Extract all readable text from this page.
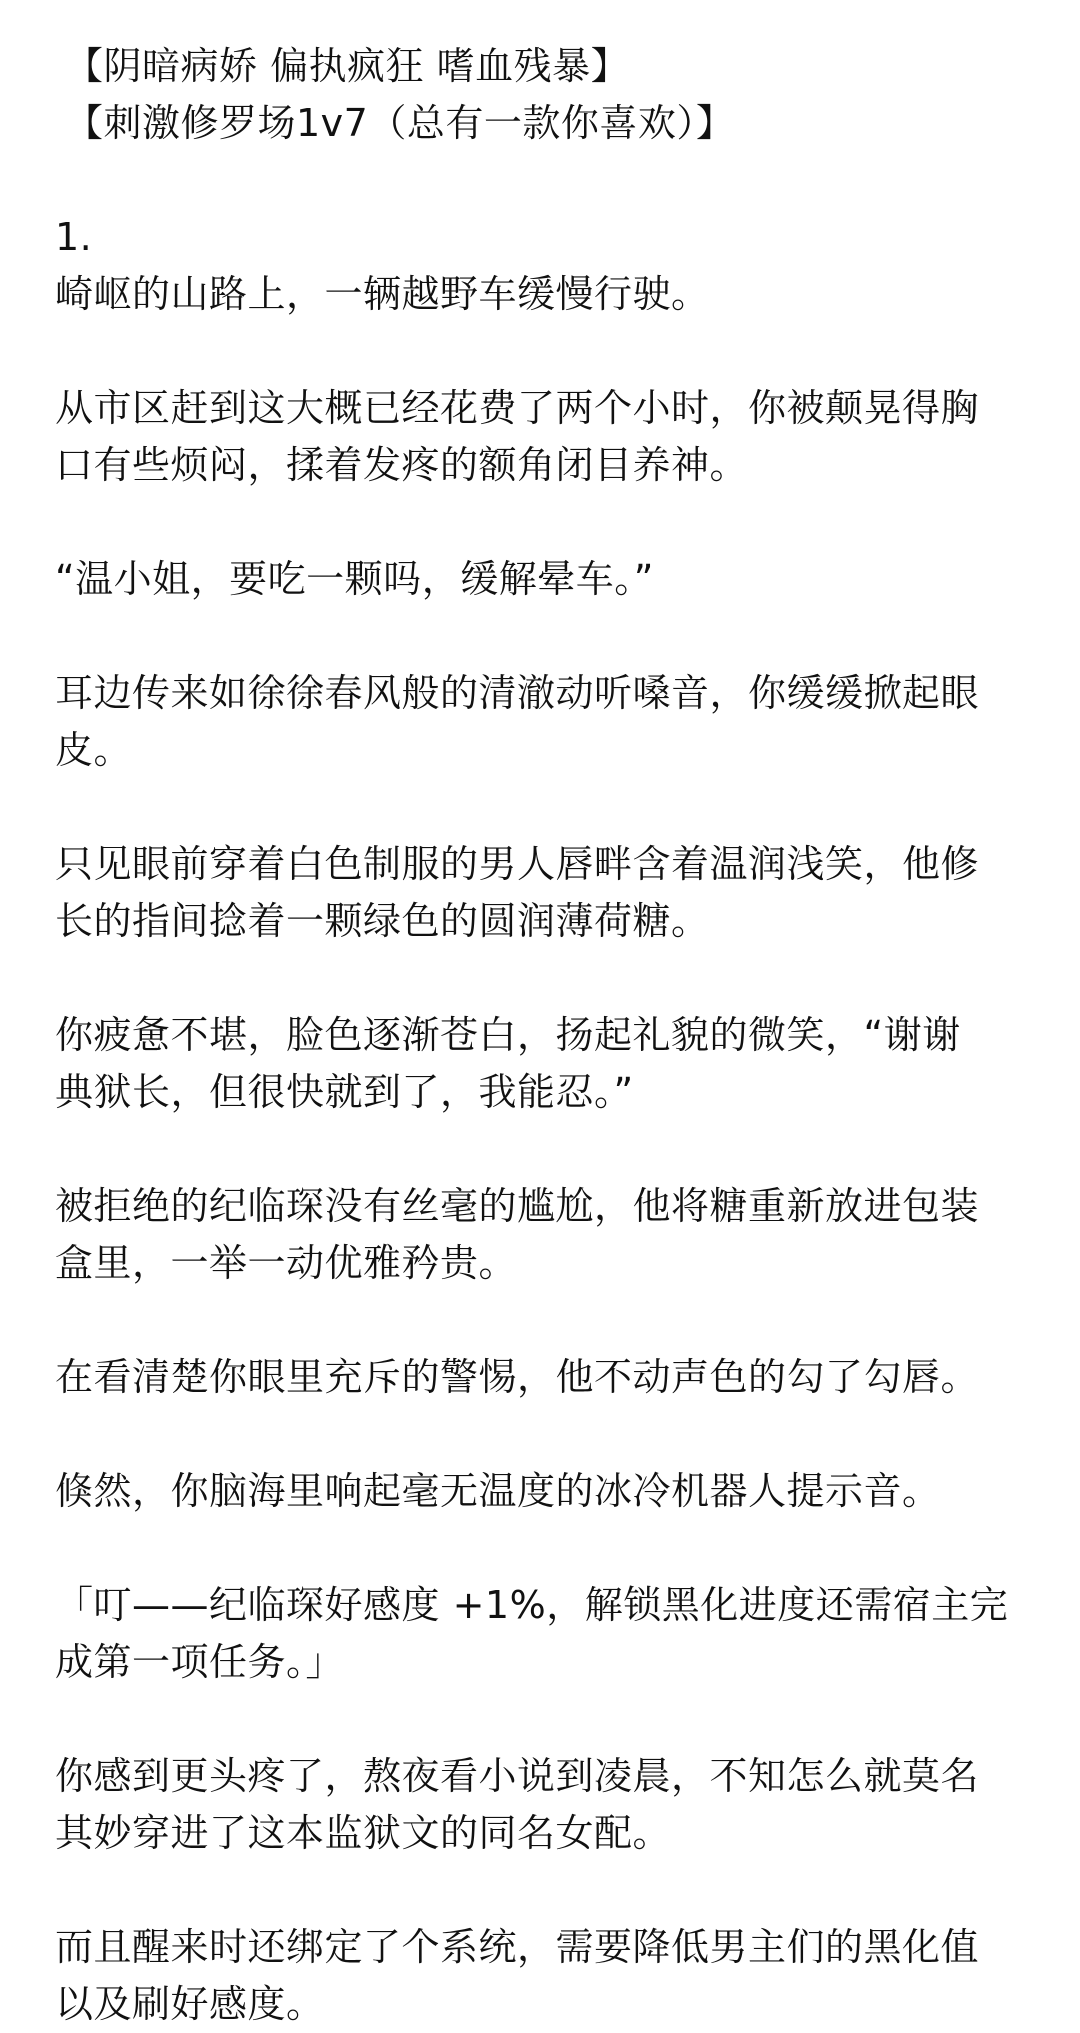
【阴暗病娇 偏执疯狂 嗜血残暴】
【刺激修罗场1v7（总有一款你喜欢）】
1.
崎岖的山路上，一辆越野车缓慢行驶。
从市区赶到这大概已经花费了两个小时，你被颠晃得胸
口有些烦闷，揉着发疼的额角闭目养神。
“温小姐，要吃一颗吗，缓解晕车。”
耳边传来如徐徐春风般的清澈动听嗓音，你缓缓掀起眼
皮。
只见眼前穿着白色制服的男人唇畔含着温润浅笑，他修
长的指间捻着一颗绿色的圆润薄荷糖。
你疲惫不堪，脸色逐渐苍白，扬起礼貌的微笑，“谢谢
典狱长，但很快就到了，我能忍。”
被拒绝的纪临琛没有丝毫的尴尬，他将糖重新放进包装
盒里，一举一动优雅矜贵。
在看清楚你眼里充斥的警惕，他不动声色的勾了勾唇。
倏然，你脑海里响起毫无温度的冰冷机器人提示音。
「叮——纪临琛好感度 +1%，解锁黑化进度还需宿主完
成第一项任务。」
你感到更头疼了，熬夜看小说到凌晨，不知怎么就莫名
其妙穿进了这本监狱文的同名女配。
而且醒来时还绑定了个系统，需要降低男主们的黑化值
以及刷好感度。
